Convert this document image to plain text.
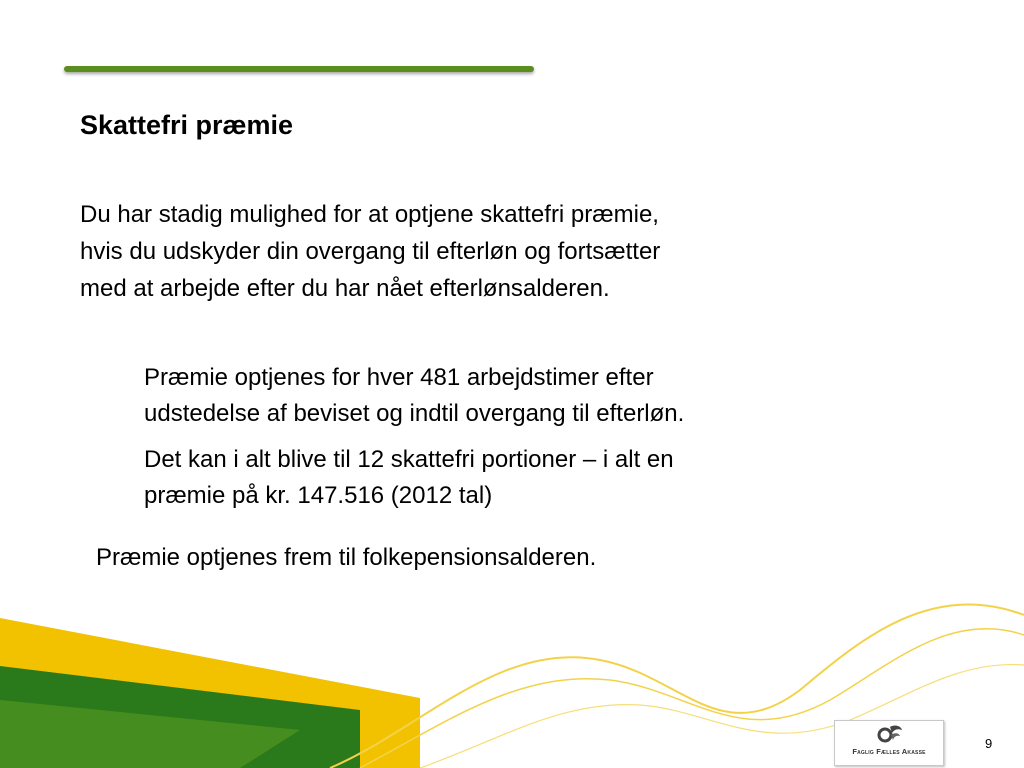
Skattefri præmie

Du har stadig mulighed for at optjene skattefri præmie,
hvis du udskyder din overgang til efterløn og fortsætter
med at arbejde efter du har nået efterlønsalderen.

Præmie optjenes for hver 481 arbejdstimer efter
udstedelse af beviset og indtil overgang til efterløn.

Det kan i alt blive til 12 skattefri portioner – i alt en
præmie på kr. 147.516 (2012 tal)

Præmie optjenes frem til folkepensionsalderen.

Faglig Fælles Akasse
9
